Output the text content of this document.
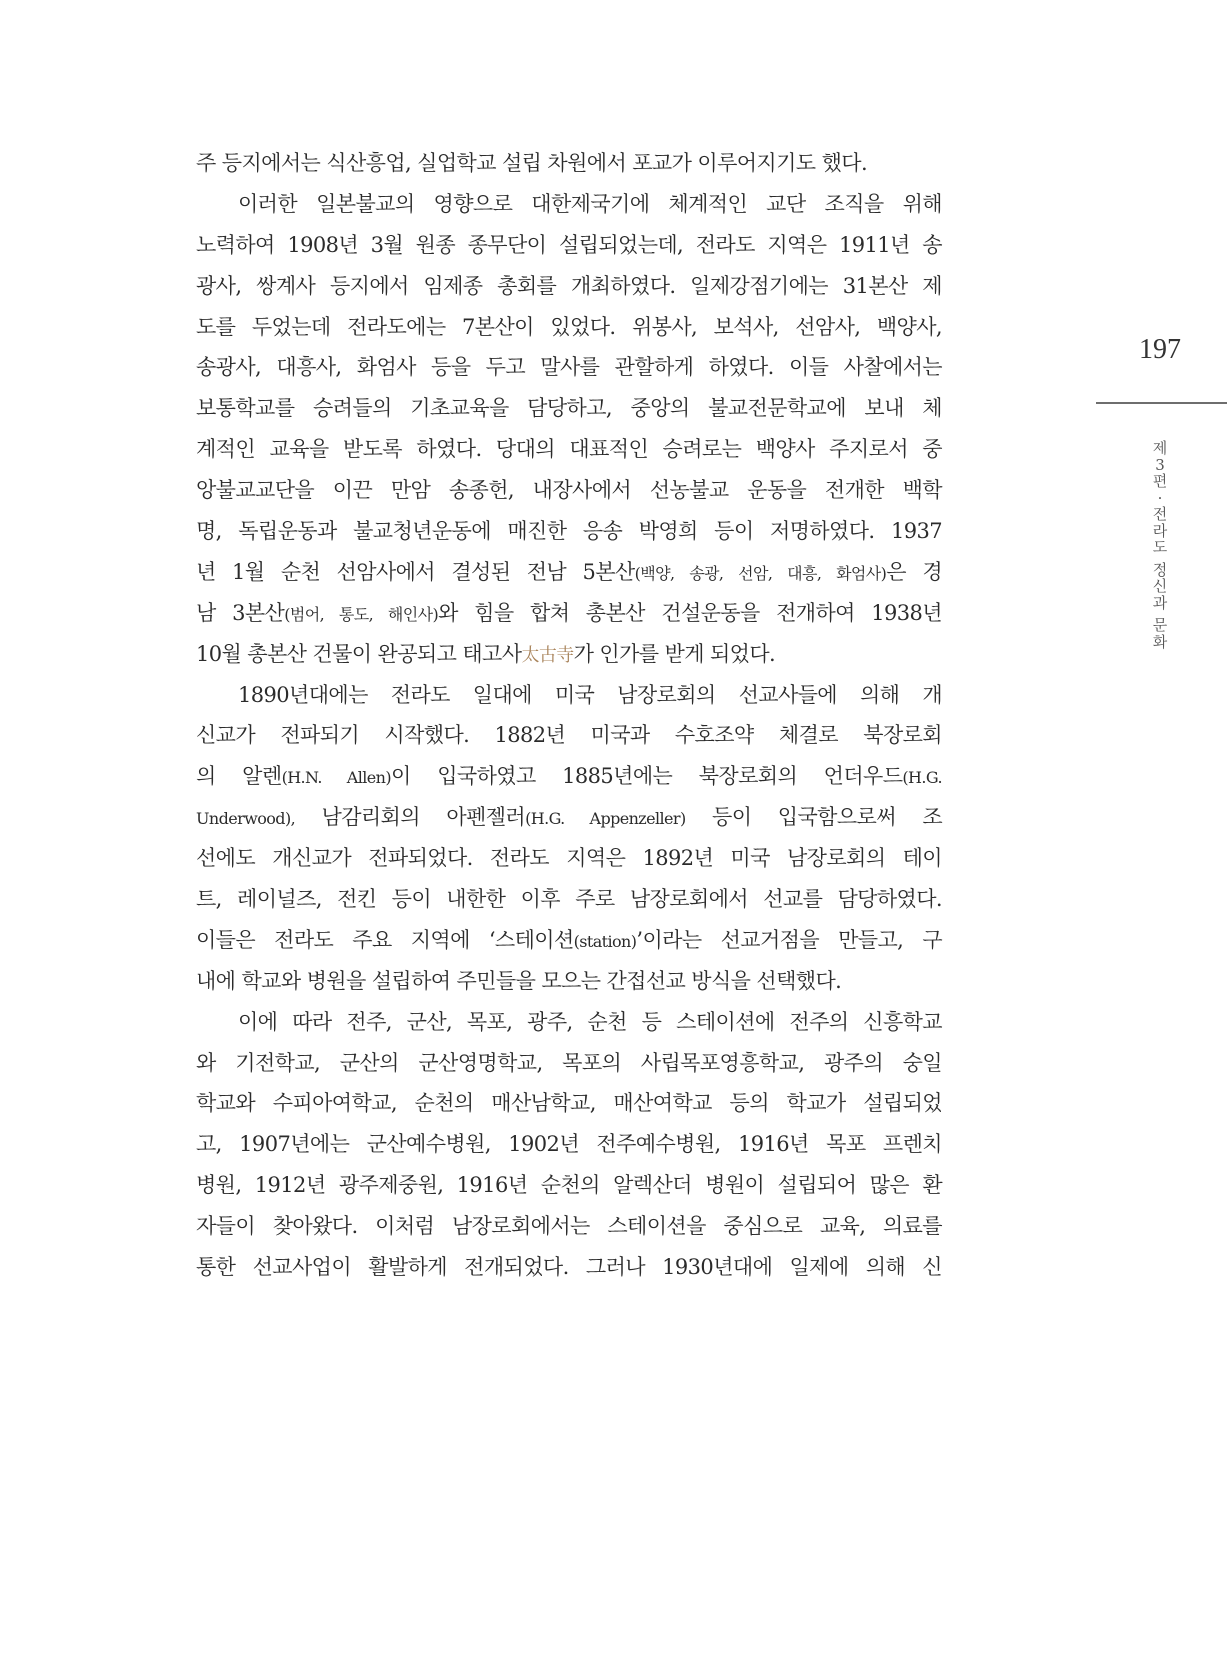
주 등지에서는 식산흥업, 실업학교 설립 차원에서 포교가 이루어지기도 했다.
이러한 일본불교의 영향으로 대한제국기에 체계적인 교단 조직을 위해
노력하여 1908년 3월 원종 종무단이 설립되었는데, 전라도 지역은 1911년 송
광사, 쌍계사 등지에서 임제종 총회를 개최하였다. 일제강점기에는 31본산 제
도를 두었는데 전라도에는 7본산이 있었다. 위봉사, 보석사, 선암사, 백양사,
송광사, 대흥사, 화엄사 등을 두고 말사를 관할하게 하였다. 이들 사찰에서는
보통학교를 승려들의 기초교육을 담당하고, 중앙의 불교전문학교에 보내 체
계적인 교육을 받도록 하였다. 당대의 대표적인 승려로는 백양사 주지로서 중
앙불교교단을 이끈 만암 송종헌, 내장사에서 선농불교 운동을 전개한 백학
명, 독립운동과 불교청년운동에 매진한 응송 박영희 등이 저명하였다. 1937
년 1월 순천 선암사에서 결성된 전남 5본산(백양, 송광, 선암, 대흥, 화엄사)은 경
남 3본산(범어, 통도, 해인사)와 힘을 합쳐 총본산 건설운동을 전개하여 1938년
10월 총본산 건물이 완공되고 태고사太古寺가 인가를 받게 되었다.
1890년대에는 전라도 일대에 미국 남장로회의 선교사들에 의해 개
신교가 전파되기 시작했다. 1882년 미국과 수호조약 체결로 북장로회
의 알렌(H.N. Allen)이 입국하였고 1885년에는 북장로회의 언더우드(H.G.
Underwood), 남감리회의 아펜젤러(H.G. Appenzeller) 등이 입국함으로써 조
선에도 개신교가 전파되었다. 전라도 지역은 1892년 미국 남장로회의 테이
트, 레이널즈, 전킨 등이 내한한 이후 주로 남장로회에서 선교를 담당하였다.
이들은 전라도 주요 지역에 ‘스테이션(station)’이라는 선교거점을 만들고, 구
내에 학교와 병원을 설립하여 주민들을 모으는 간접선교 방식을 선택했다.
이에 따라 전주, 군산, 목포, 광주, 순천 등 스테이션에 전주의 신흥학교
와 기전학교, 군산의 군산영명학교, 목포의 사립목포영흥학교, 광주의 숭일
학교와 수피아여학교, 순천의 매산남학교, 매산여학교 등의 학교가 설립되었
고, 1907년에는 군산예수병원, 1902년 전주예수병원, 1916년 목포 프렌치
병원, 1912년 광주제중원, 1916년 순천의 알렉산더 병원이 설립되어 많은 환
자들이 찾아왔다. 이처럼 남장로회에서는 스테이션을 중심으로 교육, 의료를
통한 선교사업이 활발하게 전개되었다. 그러나 1930년대에 일제에 의해 신
197
제
3
편
·
전
라
도
정
신
과
문
화
